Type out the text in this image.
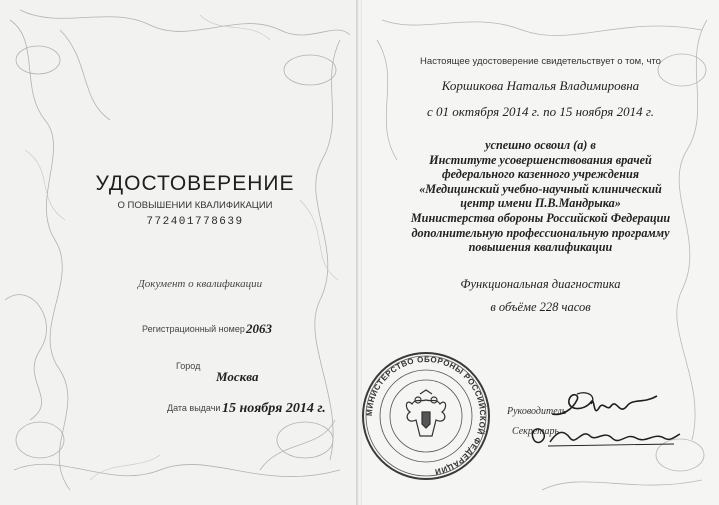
УДОСТОВЕРЕНИЕ
О ПОВЫШЕНИИ КВАЛИФИКАЦИИ
772401778639
Документ о квалификации
Регистрационный номер 2063
Город
Москва
Дата выдачи 15 ноября 2014 г.
Настоящее удостоверение свидетельствует о том, что
Коршикова Наталья Владимировна
с 01 октября 2014 г. по 15 ноября 2014 г.
успешно освоил (а) в
Институте усовершенствования врачей
федерального казенного учреждения
«Медицинский учебно-научный клинический
центр имени П.В.Мандрыка»
Министерства обороны Российской Федерации
дополнительную профессиональную программу
повышения квалификации
Функциональная диагностика
в объёме 228 часов
МИНИСТЕРСТВО ОБОРОНЫ РОССИЙСКОЙ ФЕДЕРАЦИИ
Руководитель
Секретарь
